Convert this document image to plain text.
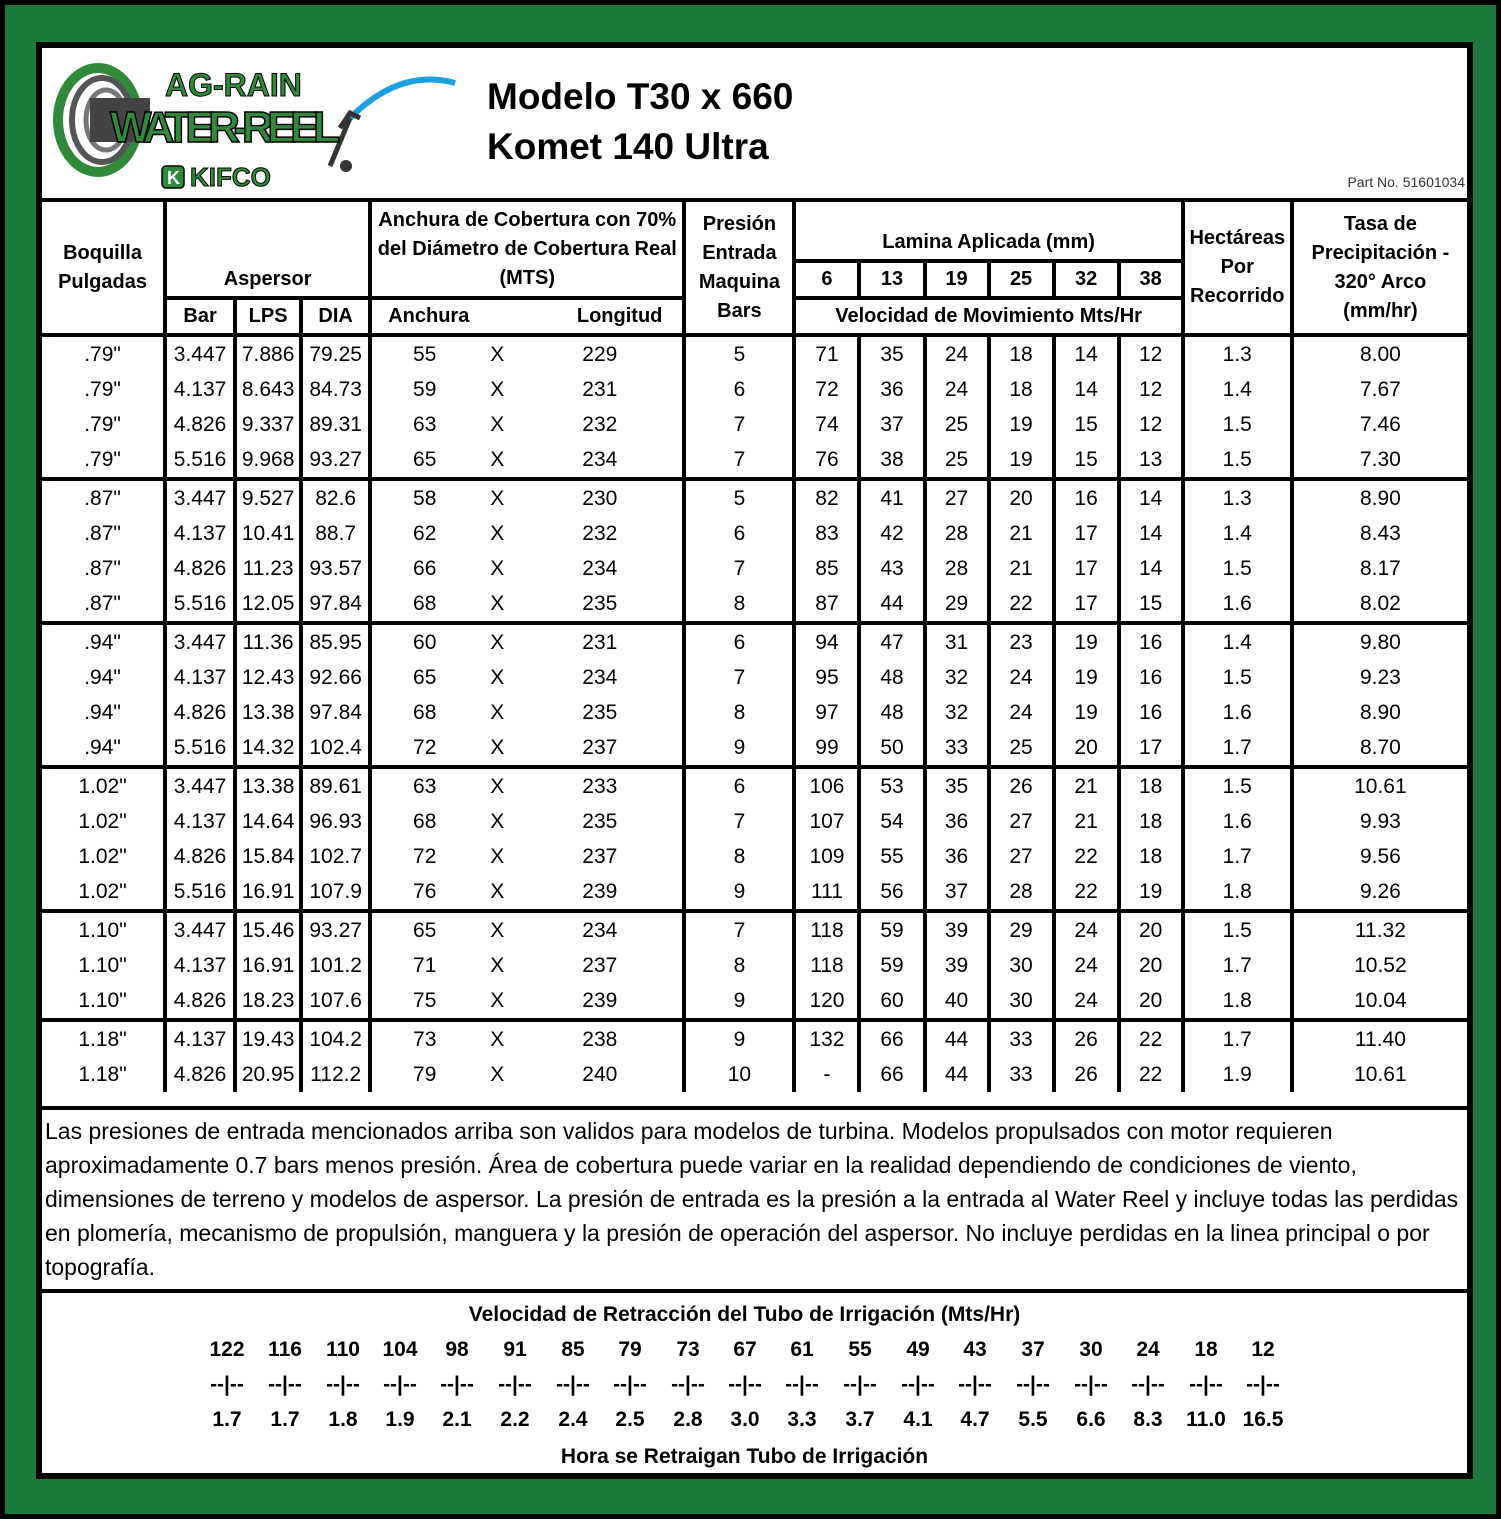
AG-RAIN
WATER-REEL
K KIFCO
Modelo T30 x 660
Komet 140 Ultra
Part No. 51601034
Boquilla Pulgadas	Aspersor			Anchura de Cobertura con 70% del Diámetro de Cobertura Real (MTS)			Presión Entrada Maquina Bars	Lamina Aplicada (mm)						Hectáreas Por Recorrido	Tasa de Precipitación - 320° Arco (mm/hr)
								6	13	19	25	32	38		
	Bar	LPS	DIA	Anchura		Longitud		Velocidad de Movimiento Mts/Hr							
.79"	3.447	7.886	79.25	55	X	229	5	71	35	24	18	14	12	1.3	8.00
.79"	4.137	8.643	84.73	59	X	231	6	72	36	24	18	14	12	1.4	7.67
.79"	4.826	9.337	89.31	63	X	232	7	74	37	25	19	15	12	1.5	7.46
.79"	5.516	9.968	93.27	65	X	234	7	76	38	25	19	15	13	1.5	7.30
.87"	3.447	9.527	82.6	58	X	230	5	82	41	27	20	16	14	1.3	8.90
.87"	4.137	10.41	88.7	62	X	232	6	83	42	28	21	17	14	1.4	8.43
.87"	4.826	11.23	93.57	66	X	234	7	85	43	28	21	17	14	1.5	8.17
.87"	5.516	12.05	97.84	68	X	235	8	87	44	29	22	17	15	1.6	8.02
.94"	3.447	11.36	85.95	60	X	231	6	94	47	31	23	19	16	1.4	9.80
.94"	4.137	12.43	92.66	65	X	234	7	95	48	32	24	19	16	1.5	9.23
.94"	4.826	13.38	97.84	68	X	235	8	97	48	32	24	19	16	1.6	8.90
.94"	5.516	14.32	102.4	72	X	237	9	99	50	33	25	20	17	1.7	8.70
1.02"	3.447	13.38	89.61	63	X	233	6	106	53	35	26	21	18	1.5	10.61
1.02"	4.137	14.64	96.93	68	X	235	7	107	54	36	27	21	18	1.6	9.93
1.02"	4.826	15.84	102.7	72	X	237	8	109	55	36	27	22	18	1.7	9.56
1.02"	5.516	16.91	107.9	76	X	239	9	111	56	37	28	22	19	1.8	9.26
1.10"	3.447	15.46	93.27	65	X	234	7	118	59	39	29	24	20	1.5	11.32
1.10"	4.137	16.91	101.2	71	X	237	8	118	59	39	30	24	20	1.7	10.52
1.10"	4.826	18.23	107.6	75	X	239	9	120	60	40	30	24	20	1.8	10.04
1.18"	4.137	19.43	104.2	73	X	238	9	132	66	44	33	26	22	1.7	11.40
1.18"	4.826	20.95	112.2	79	X	240	10	-	66	44	33	26	22	1.9	10.61
Las presiones de entrada mencionados arriba son validos para modelos de turbina. Modelos propulsados con motor requieren aproximadamente 0.7 bars menos presión. Área de cobertura puede variar en la realidad dependiendo de condiciones de viento, dimensiones de terreno y modelos de aspersor. La presión de entrada es la presión a la entrada al Water Reel y incluye todas las perdidas en plomería, mecanismo de propulsión, manguera y la presión de operación del aspersor. No incluye perdidas en la linea principal o por topografía.
Velocidad de Retracción del Tubo de Irrigación (Mts/Hr)
122	116	110	104	98	91	85	79	73	67	61	55	49	43	37	30	24	18	12
--|--	--|--	--|--	--|--	--|--	--|--	--|--	--|--	--|--	--|--	--|--	--|--	--|--	--|--	--|--	--|--	--|--	--|--	--|--
1.7	1.7	1.8	1.9	2.1	2.2	2.4	2.5	2.8	3.0	3.3	3.7	4.1	4.7	5.5	6.6	8.3	11.0 16.5
Hora se Retraigan Tubo de Irrigación
